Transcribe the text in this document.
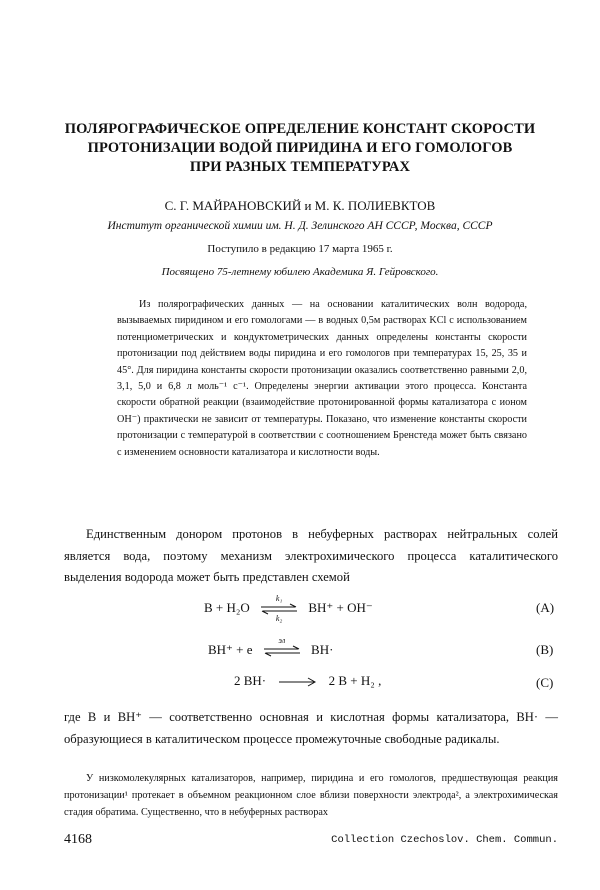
ПОЛЯРОГРАФИЧЕСКОЕ ОПРЕДЕЛЕНИЕ КОНСТАНТ СКОРОСТИ
ПРОТОНИЗАЦИИ ВОДОЙ ПИРИДИНА И ЕГО ГОМОЛОГОВ
ПРИ РАЗНЫХ ТЕМПЕРАТУРАХ
С. Г. МАЙРАНОВСКИЙ и М. К. ПОЛИЕВКТОВ
Институт органической химии им. Н. Д. Зелинского АН СССР, Москва, СССР
Поступило в редакцию 17 марта 1965 г.
Посвящено 75-летнему юбилею Академика Я. Гейровского.

Из полярографических данных — на основании каталитических волн водорода, вызываемых пиридином и его гомологами — в водных 0,5м растворах KCl с использованием потенциометрических и кондуктометрических данных определены константы скорости протонизации под действием воды пиридина и его гомологов при температурах 15, 25, 35 и 45°. Для пиридина константы скорости протонизации оказались соответственно равными 2,0, 3,1, 5,0 и 6,8 л моль⁻¹ с⁻¹. Определены энергии активации этого процесса. Константа скорости обратной реакции (взаимодействие протонированной формы катализатора с ионом OH⁻) практически не зависит от температуры. Показано, что изменение константы скорости протонизации с температурой в соответствии с соотношением Бренстеда может быть связано с изменением основности катализатора и кислотности воды.

Единственным донором протонов в небуферных растворах нейтральных солей является вода, поэтому механизм электрохимического процесса каталитического выделения водорода может быть представлен схемой

B + H₂O
k₁
k₂
BH⁺ + OH⁻	(A)
BH⁺ + e
эл
BH·	(B)
2 BH·	2 B + H₂ ,	(C)

где B и BH⁺ — соответственно основная и кислотная формы катализатора, BH· — образующиеся в каталитическом процессе промежуточные свободные радикалы.

У низкомолекулярных катализаторов, например, пиридина и его гомологов, предшествующая реакция протонизации¹ протекает в объемном реакционном слое вблизи поверхности электрода², а электрохимическая стадия обратима. Существенно, что в небуферных растворах

4168	Collection Czechoslov. Chem. Commun.
